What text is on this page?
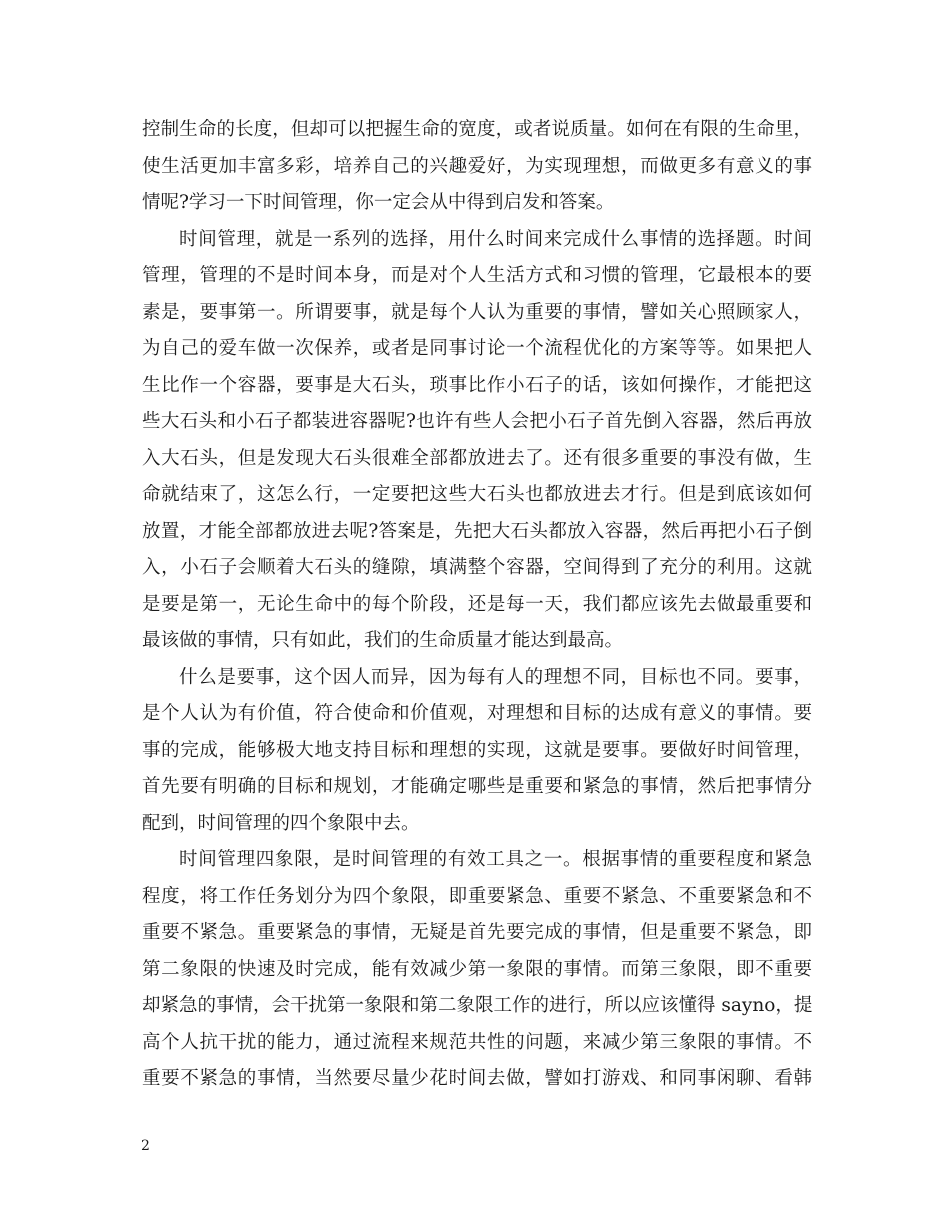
控制生命的长度，但却可以把握生命的宽度，或者说质量。如何在有限的生命里，
使生活更加丰富多彩，培养自己的兴趣爱好，为实现理想，而做更多有意义的事
情呢?学习一下时间管理，你一定会从中得到启发和答案。
时间管理，就是一系列的选择，用什么时间来完成什么事情的选择题。时间
管理，管理的不是时间本身，而是对个人生活方式和习惯的管理，它最根本的要
素是，要事第一。所谓要事，就是每个人认为重要的事情，譬如关心照顾家人，
为自己的爱车做一次保养，或者是同事讨论一个流程优化的方案等等。如果把人
生比作一个容器，要事是大石头，琐事比作小石子的话，该如何操作，才能把这
些大石头和小石子都装进容器呢?也许有些人会把小石子首先倒入容器，然后再放
入大石头，但是发现大石头很难全部都放进去了。还有很多重要的事没有做，生
命就结束了，这怎么行，一定要把这些大石头也都放进去才行。但是到底该如何
放置，才能全部都放进去呢?答案是，先把大石头都放入容器，然后再把小石子倒
入，小石子会顺着大石头的缝隙，填满整个容器，空间得到了充分的利用。这就
是要是第一，无论生命中的每个阶段，还是每一天，我们都应该先去做最重要和
最该做的事情，只有如此，我们的生命质量才能达到最高。
什么是要事，这个因人而异，因为每有人的理想不同，目标也不同。要事，
是个人认为有价值，符合使命和价值观，对理想和目标的达成有意义的事情。要
事的完成，能够极大地支持目标和理想的实现，这就是要事。要做好时间管理，
首先要有明确的目标和规划，才能确定哪些是重要和紧急的事情，然后把事情分
配到，时间管理的四个象限中去。
时间管理四象限，是时间管理的有效工具之一。根据事情的重要程度和紧急
程度，将工作任务划分为四个象限，即重要紧急、重要不紧急、不重要紧急和不
重要不紧急。重要紧急的事情，无疑是首先要完成的事情，但是重要不紧急，即
第二象限的快速及时完成，能有效减少第一象限的事情。而第三象限，即不重要
却紧急的事情，会干扰第一象限和第二象限工作的进行，所以应该懂得 sayno，提
高个人抗干扰的能力，通过流程来规范共性的问题，来减少第三象限的事情。不
重要不紧急的事情，当然要尽量少花时间去做，譬如打游戏、和同事闲聊、看韩
2
